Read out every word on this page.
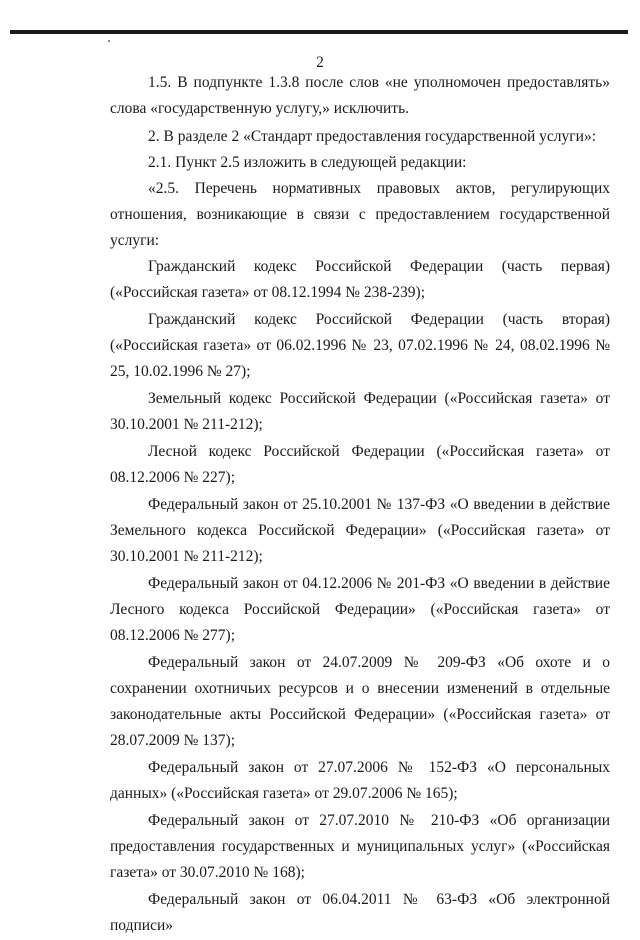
2

1.5. В подпункте 1.3.8 после слов «не уполномочен предоставлять» слова «государственную услугу,» исключить.

2. В разделе 2 «Стандарт предоставления государственной услуги»:

2.1. Пункт 2.5 изложить в следующей редакции:

«2.5. Перечень нормативных правовых актов, регулирующих отношения, возникающие в связи с предоставлением государственной услуги:

Гражданский кодекс Российской Федерации (часть первая) («Российская газета» от 08.12.1994 № 238-239);

Гражданский кодекс Российской Федерации (часть вторая) («Российская газета» от 06.02.1996 № 23, 07.02.1996 № 24, 08.02.1996 № 25, 10.02.1996 № 27);

Земельный кодекс Российской Федерации («Российская газета» от 30.10.2001 № 211-212);

Лесной кодекс Российской Федерации («Российская газета» от 08.12.2006 № 227);

Федеральный закон от 25.10.2001 № 137-ФЗ «О введении в действие Земельного кодекса Российской Федерации» («Российская газета» от 30.10.2001 № 211-212);

Федеральный закон от 04.12.2006 № 201-ФЗ «О введении в действие Лесного кодекса Российской Федерации» («Российская газета» от 08.12.2006 № 277);

Федеральный закон от 24.07.2009 № 209-ФЗ «Об охоте и о сохранении охотничьих ресурсов и о внесении изменений в отдельные законодательные акты Российской Федерации» («Российская газета» от 28.07.2009 № 137);

Федеральный закон от 27.07.2006 № 152-ФЗ «О персональных данных» («Российская газета» от 29.07.2006 № 165);

Федеральный закон от 27.07.2010 № 210-ФЗ «Об организации предоставления государственных и муниципальных услуг» («Российская газета» от 30.07.2010 № 168);

Федеральный закон от 06.04.2011 № 63-ФЗ «Об электронной подписи»
